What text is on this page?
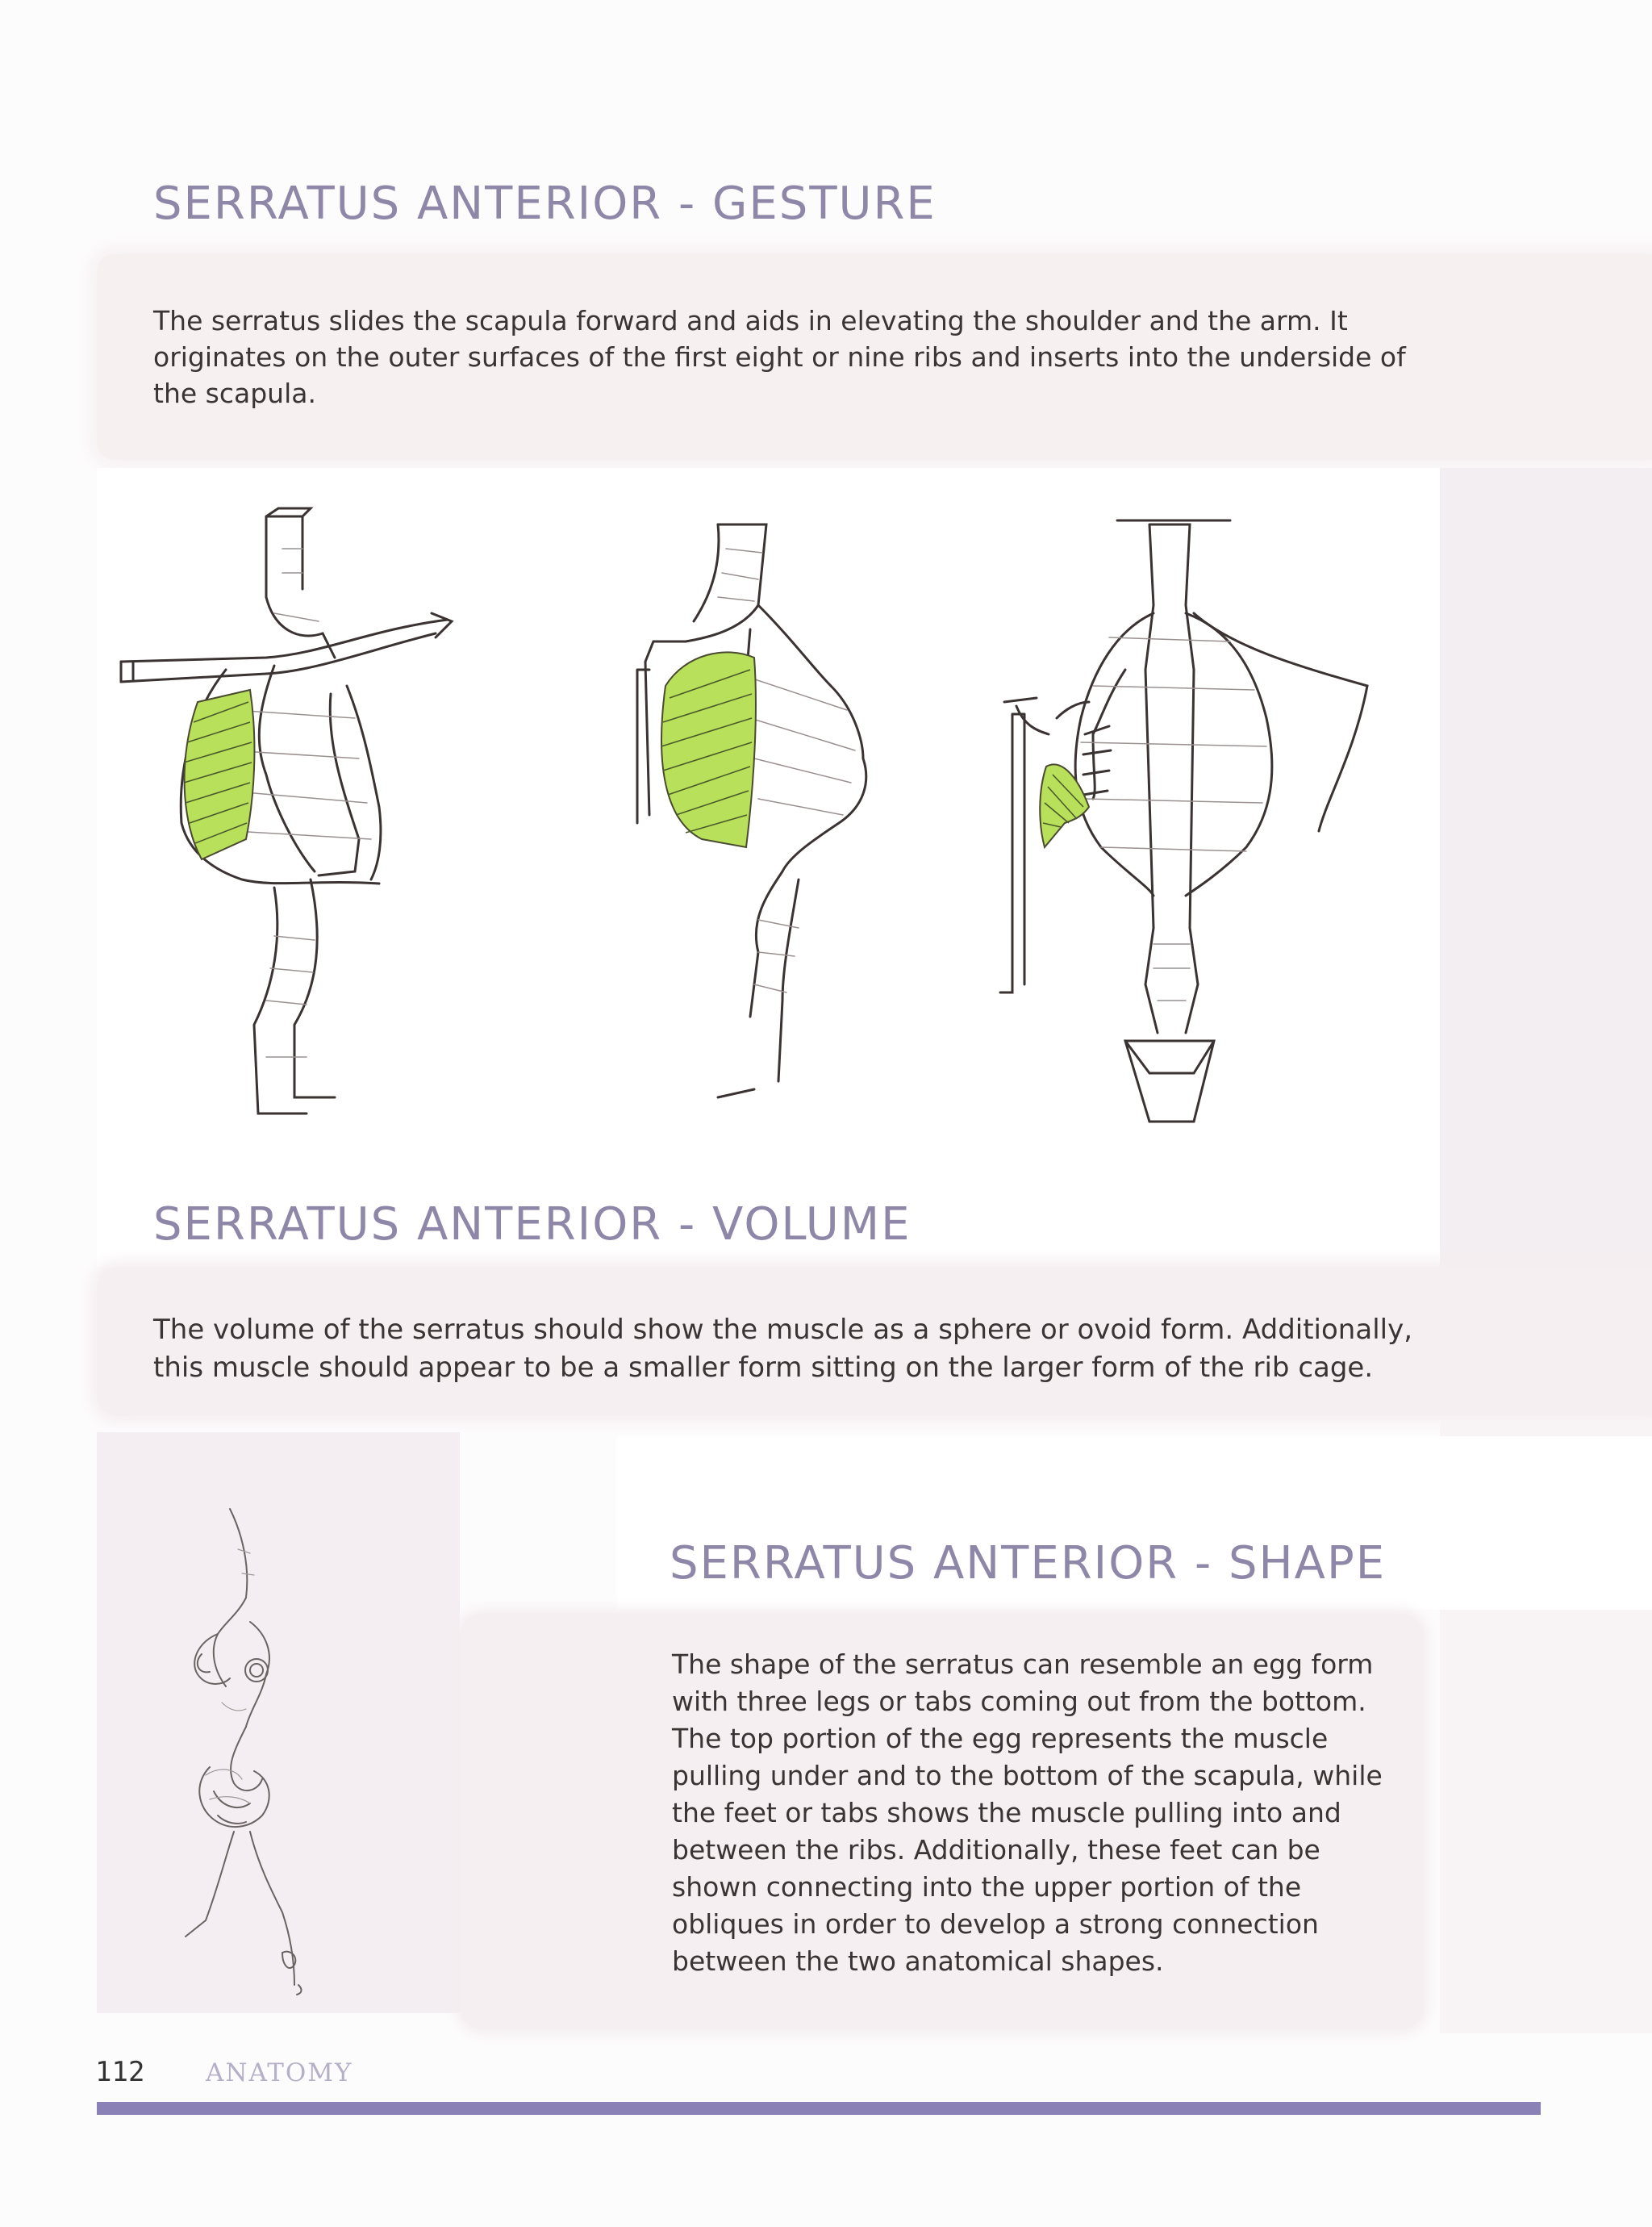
SERRATUS ANTERIOR - GESTURE

The serratus slides the scapula forward and aids in elevating the shoulder and the arm. It originates on the outer surfaces of the first eight or nine ribs and inserts into the underside of the scapula.

SERRATUS ANTERIOR - VOLUME

The volume of the serratus should show the muscle as a sphere or ovoid form. Additionally, this muscle should appear to be a smaller form sitting on the larger form of the rib cage.

SERRATUS ANTERIOR - SHAPE

The shape of the serratus can resemble an egg form with three legs or tabs coming out from the bottom. The top portion of the egg represents the muscle pulling under and to the bottom of the scapula, while the feet or tabs shows the muscle pulling into and between the ribs. Additionally, these feet can be shown connecting into the upper portion of the obliques in order to develop a strong connection between the two anatomical shapes.

112 ANATOMY
